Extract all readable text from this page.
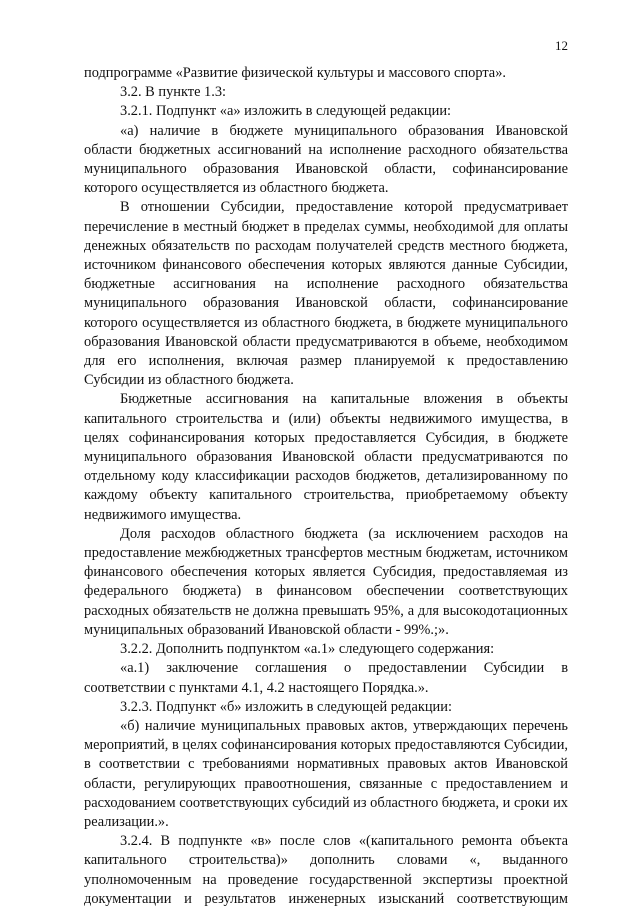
12

подпрограмме «Развитие физической культуры и массового спорта».

3.2. В пункте 1.3:

3.2.1. Подпункт «а» изложить в следующей редакции:

«а) наличие в бюджете муниципального образования Ивановской области бюджетных ассигнований на исполнение расходного обязательства муниципального образования Ивановской области, софинансирование которого осуществляется из областного бюджета.

В отношении Субсидии, предоставление которой предусматривает перечисление в местный бюджет в пределах суммы, необходимой для оплаты денежных обязательств по расходам получателей средств местного бюджета, источником финансового обеспечения которых являются данные Субсидии, бюджетные ассигнования на исполнение расходного обязательства муниципального образования Ивановской области, софинансирование которого осуществляется из областного бюджета, в бюджете муниципального образования Ивановской области предусматриваются в объеме, необходимом для его исполнения, включая размер планируемой к предоставлению Субсидии из областного бюджета.

Бюджетные ассигнования на капитальные вложения в объекты капитального строительства и (или) объекты недвижимого имущества, в целях софинансирования которых предоставляется Субсидия, в бюджете муниципального образования Ивановской области предусматриваются по отдельному коду классификации расходов бюджетов, детализированному по каждому объекту капитального строительства, приобретаемому объекту недвижимого имущества.

Доля расходов областного бюджета (за исключением расходов на предоставление межбюджетных трансфертов местным бюджетам, источником финансового обеспечения которых является Субсидия, предоставляемая из федерального бюджета) в финансовом обеспечении соответствующих расходных обязательств не должна превышать 95%, а для высокодотационных муниципальных образований Ивановской области - 99%.;».

3.2.2. Дополнить подпунктом «а.1» следующего содержания:

«а.1) заключение соглашения о предоставлении Субсидии в соответствии с пунктами 4.1, 4.2 настоящего Порядка.».

3.2.3. Подпункт «б» изложить в следующей редакции:

«б) наличие муниципальных правовых актов, утверждающих перечень мероприятий, в целях софинансирования которых предоставляются Субсидии, в соответствии с требованиями нормативных правовых актов Ивановской области, регулирующих правоотношения, связанные с предоставлением и расходованием соответствующих субсидий из областного бюджета, и сроки их реализации.».

3.2.4. В подпункте «в» после слов «(капитального ремонта объекта капитального строительства)» дополнить словами «, выданного уполномоченным на проведение государственной экспертизы проектной документации и результатов инженерных изысканий соответствующим
